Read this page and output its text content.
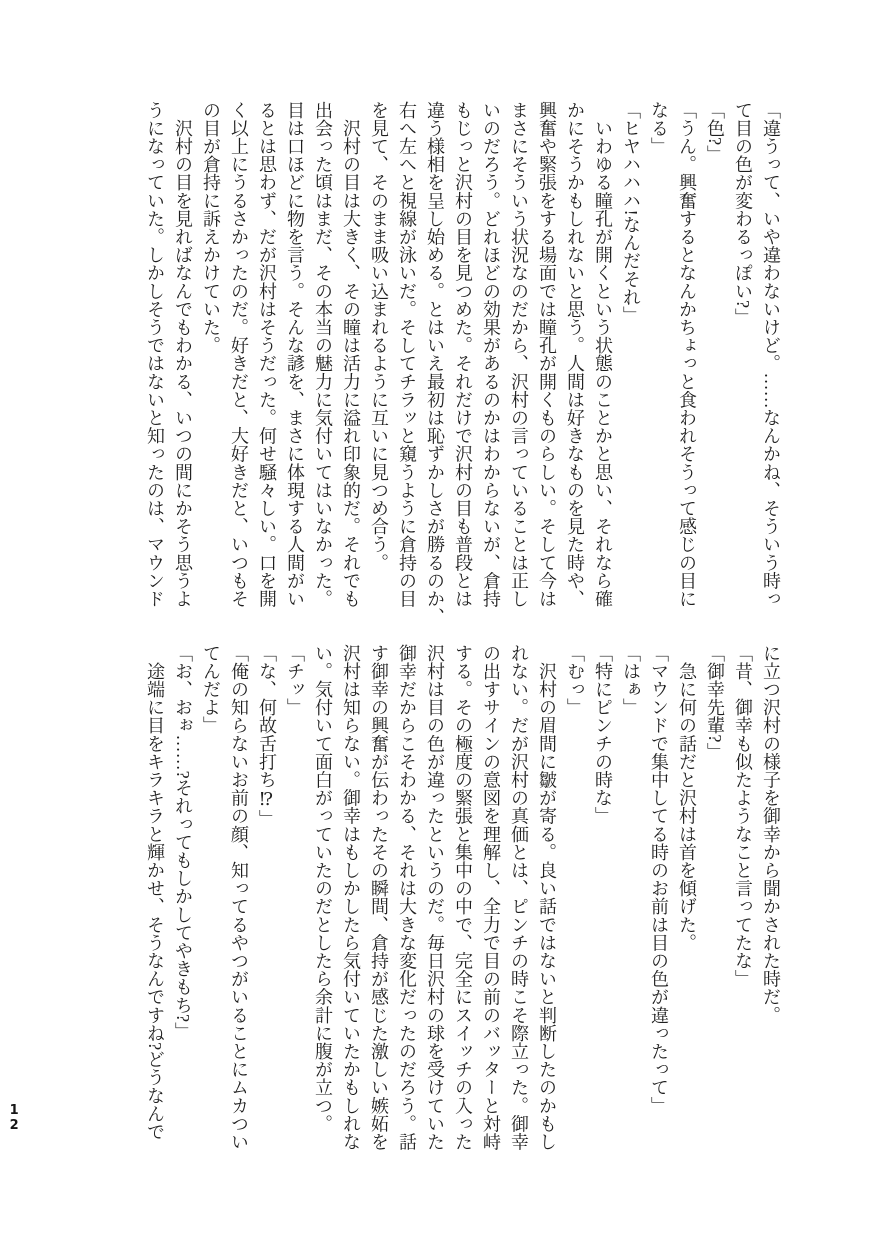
「違うって、いや違わないけど。……なんかね、そういう時っ
て目の色が変わるっぽい?」
「色?」
「うん。興奮するとなんかちょっと食われそうって感じの目に
なる」
「ヒヤハハハ!なんだそれ」
　いわゆる瞳孔が開くという状態のことかと思い、それなら確
かにそうかもしれないと思う。人間は好きなものを見た時や、
興奮や緊張をする場面では瞳孔が開くものらしい。そして今は
まさにそういう状況なのだから、沢村の言っていることは正し
いのだろう。どれほどの効果があるのかはわからないが、倉持
もじっと沢村の目を見つめた。それだけで沢村の目も普段とは
違う様相を呈し始める。とはいえ最初は恥ずかしさが勝るのか、
右へ左へと視線が泳いだ。そしてチラッと窺うように倉持の目
を見て、そのまま吸い込まれるように互いに見つめ合う。
　沢村の目は大きく、その瞳は活力に溢れ印象的だ。それでも
出会った頃はまだ、その本当の魅力に気付いてはいなかった。
目は口ほどに物を言う。そんな諺を、まさに体現する人間がい
るとは思わず、だが沢村はそうだった。何せ騒々しい。口を開
く以上にうるさかったのだ。好きだと、大好きだと、いつもそ
の目が倉持に訴えかけていた。
　沢村の目を見ればなんでもわかる、いつの間にかそう思うよ
うになっていた。しかしそうではないと知ったのは、マウンド
に立つ沢村の様子を御幸から聞かされた時だ。
「昔、御幸も似たようなこと言ってたな」
「御幸先輩?」
　急に何の話だと沢村は首を傾げた。
「マウンドで集中してる時のお前は目の色が違ったって」
「はぁ」
「特にピンチの時な」
「むっ」
　沢村の眉間に皺が寄る。良い話ではないと判断したのかもし
れない。だが沢村の真価とは、ピンチの時こそ際立った。御幸
の出すサインの意図を理解し、全力で目の前のバッターと対峙
する。その極度の緊張と集中の中で、完全にスイッチの入った
沢村は目の色が違ったというのだ。毎日沢村の球を受けていた
御幸だからこそわかる、それは大きな変化だったのだろう。話
す御幸の興奮が伝わったその瞬間、倉持が感じた激しい嫉妬を
沢村は知らない。御幸はもしかしたら気付いていたかもしれな
い。気付いて面白がっていたのだとしたら余計に腹が立つ。
「チッ」
「な、何故舌打ち⁉」
「俺の知らないお前の顔、知ってるやつがいることにムカつい
てんだよ」
「お、おぉ……?それってもしかしてやきもち?」
　途端に目をキラキラと輝かせ、そうなんですね?どうなんで
12
